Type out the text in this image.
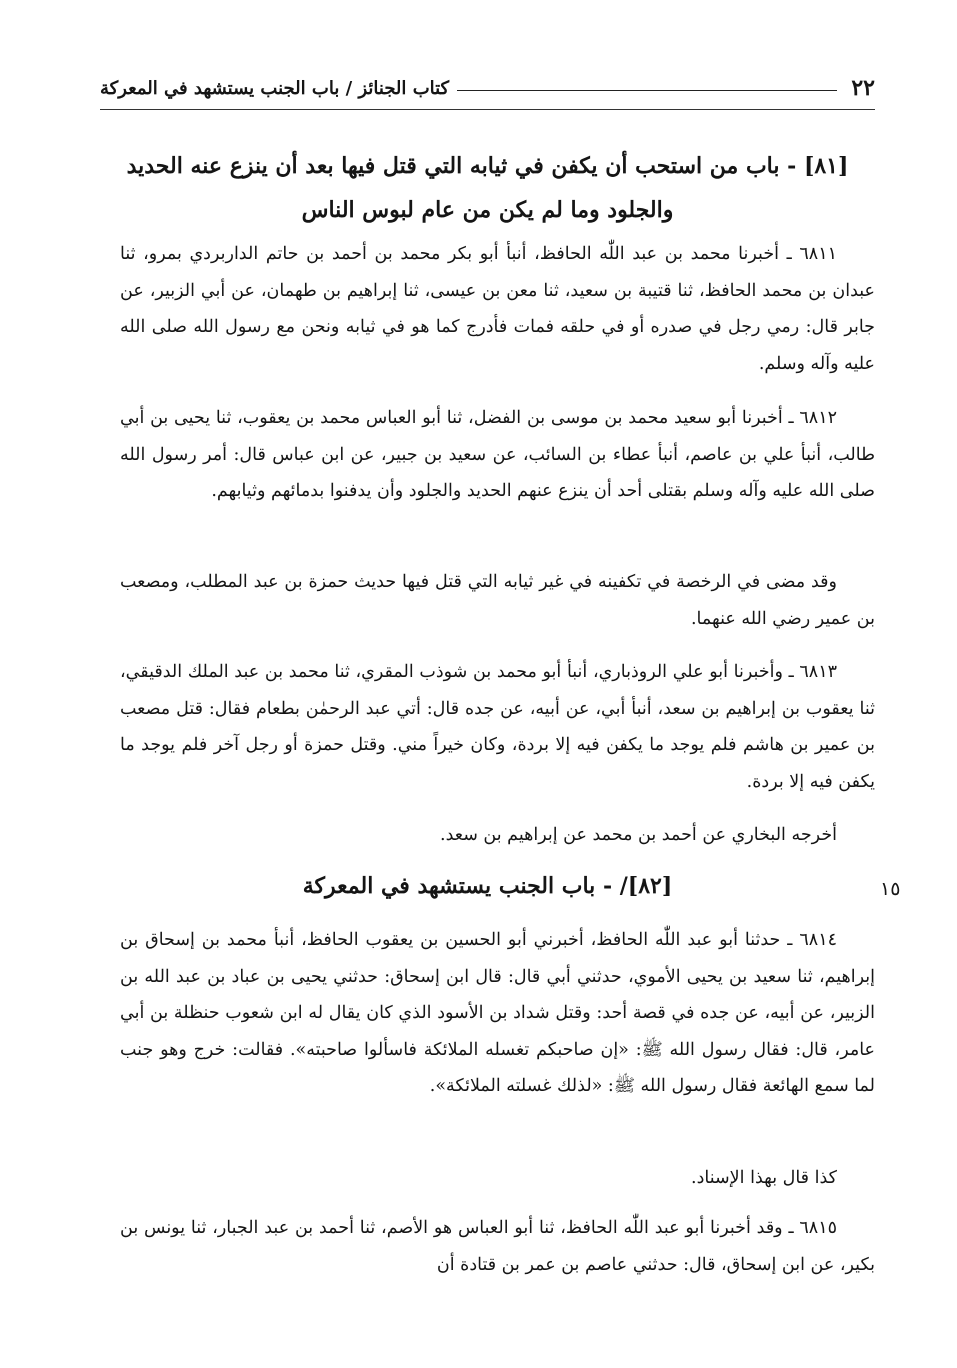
٢٢
كتاب الجنائز / باب الجنب يستشهد في المعركة
[٨١] - باب من استحب أن يكفن في ثيابه التي قتل فيها بعد أن ينزع عنه الحديد والجلود وما لم يكن من عام لبوس الناس
٦٨١١ ـ أخبرنا محمد بن عبد اللّٰه الحافظ، أنبأ أبو بكر محمد بن أحمد بن حاتم الداربردي بمرو، ثنا عبدان بن محمد الحافظ، ثنا قتيبة بن سعيد، ثنا معن بن عيسى، ثنا إبراهيم بن طهمان، عن أبي الزبير، عن جابر قال: رمي رجل في صدره أو في حلقه فمات فأدرج كما هو في ثيابه ونحن مع رسول الله صلى الله عليه وآله وسلم.
٦٨١٢ ـ أخبرنا أبو سعيد محمد بن موسى بن الفضل، ثنا أبو العباس محمد بن يعقوب، ثنا يحيى بن أبي طالب، أنبأ علي بن عاصم، أنبأ عطاء بن السائب، عن سعيد بن جبير، عن ابن عباس قال: أمر رسول الله صلى الله عليه وآله وسلم بقتلى أحد أن ينزع عنهم الحديد والجلود وأن يدفنوا بدمائهم وثيابهم.
وقد مضى في الرخصة في تكفينه في غير ثيابه التي قتل فيها حديث حمزة بن عبد المطلب، ومصعب بن عمير رضي الله عنهما.
٦٨١٣ ـ وأخبرنا أبو علي الروذباري، أنبأ أبو محمد بن شوذب المقري، ثنا محمد بن عبد الملك الدقيقي، ثنا يعقوب بن إبراهيم بن سعد، أنبأ أبي، عن أبيه، عن جده قال: أتي عبد الرحمٰن بطعام فقال: قتل مصعب بن عمير بن هاشم فلم يوجد ما يكفن فيه إلا بردة، وكان خيراً مني. وقتل حمزة أو رجل آخر فلم يوجد ما يكفن فيه إلا بردة.
أخرجه البخاري عن أحمد بن محمد عن إبراهيم بن سعد.
[٨٢]/ - باب الجنب يستشهد في المعركة	١٥
٦٨١٤ ـ حدثنا أبو عبد اللّٰه الحافظ، أخبرني أبو الحسين بن يعقوب الحافظ، أنبأ محمد بن إسحاق بن إبراهيم، ثنا سعيد بن يحيى الأموي، حدثني أبي قال: قال ابن إسحاق: حدثني يحيى بن عباد بن عبد الله بن الزبير، عن أبيه، عن جده في قصة أحد: وقتل شداد بن الأسود الذي كان يقال له ابن شعوب حنظلة بن أبي عامر، قال: فقال رسول الله ﷺ: «إن صاحبكم تغسله الملائكة فاسألوا صاحبته». فقالت: خرج وهو جنب لما سمع الهائعة فقال رسول الله ﷺ: «لذلك غسلته الملائكة».
كذا قال بهذا الإسناد.
٦٨١٥ ـ وقد أخبرنا أبو عبد اللّٰه الحافظ، ثنا أبو العباس هو الأصم، ثنا أحمد بن عبد الجبار، ثنا يونس بن بكير، عن ابن إسحاق، قال: حدثني عاصم بن عمر بن قتادة أن
